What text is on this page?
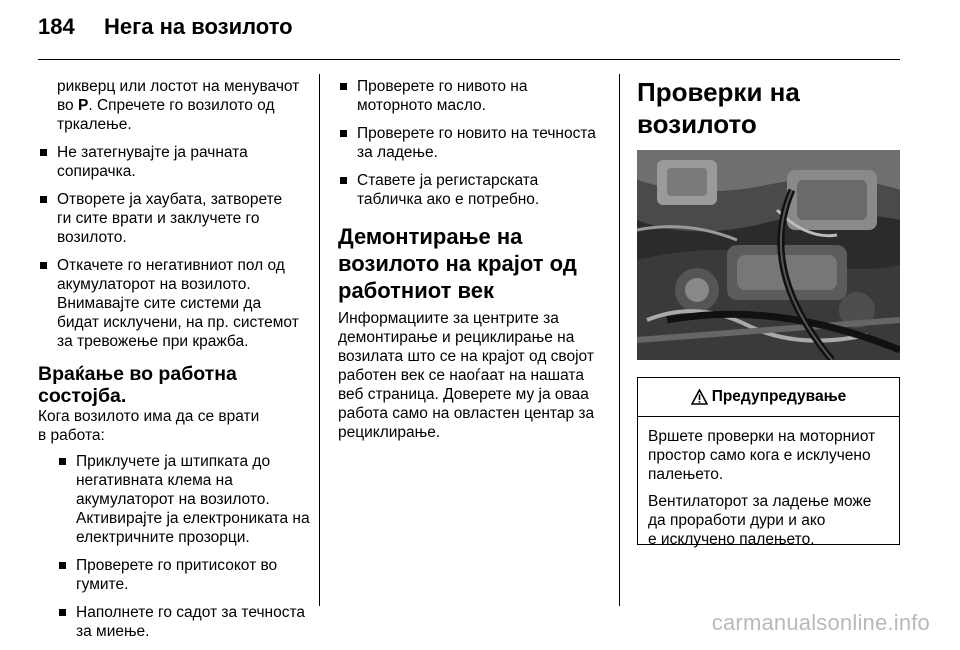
184	Нега на возилото

рикверц или лостот на менувачот

во P. Спречете го возилото од

тркалење.

Не затегнувајте ја рачната

сопирачка.

Отворете ја хаубата, затворете

ги сите врати и заклучете го

возилото.

Откачете го негативниот пол од

акумулаторот на возилото.

Внимавајте сите системи да

бидат исклучени, на пр. системот

за тревожење при кражба.

Враќање во работна состојба.

Кога возилото има да се врати

в работа:

Приклучете ја штипката до

негативната клема на

акумулаторот на возилото.

Активирајте ја електрониката на

електричните прозорци.

Проверете го притисокот во

гумите.

Наполнете го садот за течноста

за миење.

Проверете го нивото на

моторното масло.

Проверете го новито на течноста

за ладење.

Ставете ја регистарската

табличка ако е потребно.

Демонтирање на

возилото на крајот од

работниот век

Информациите за центрите за

демонтирање и рециклирање на

возилата што се на крајот од својот

работен век се наоѓаат на нашата

веб страница. Доверете му ја оваа

работа само на овластен центар за

рециклирање.

Проверки на возилото
Предупредување

Вршете проверки на моторниот
простор само кога е исклучено
палењето.

Вентилаторот за ладење може
да проработи дури и ако
е исклучено палењето.

carmanualsonline.info
